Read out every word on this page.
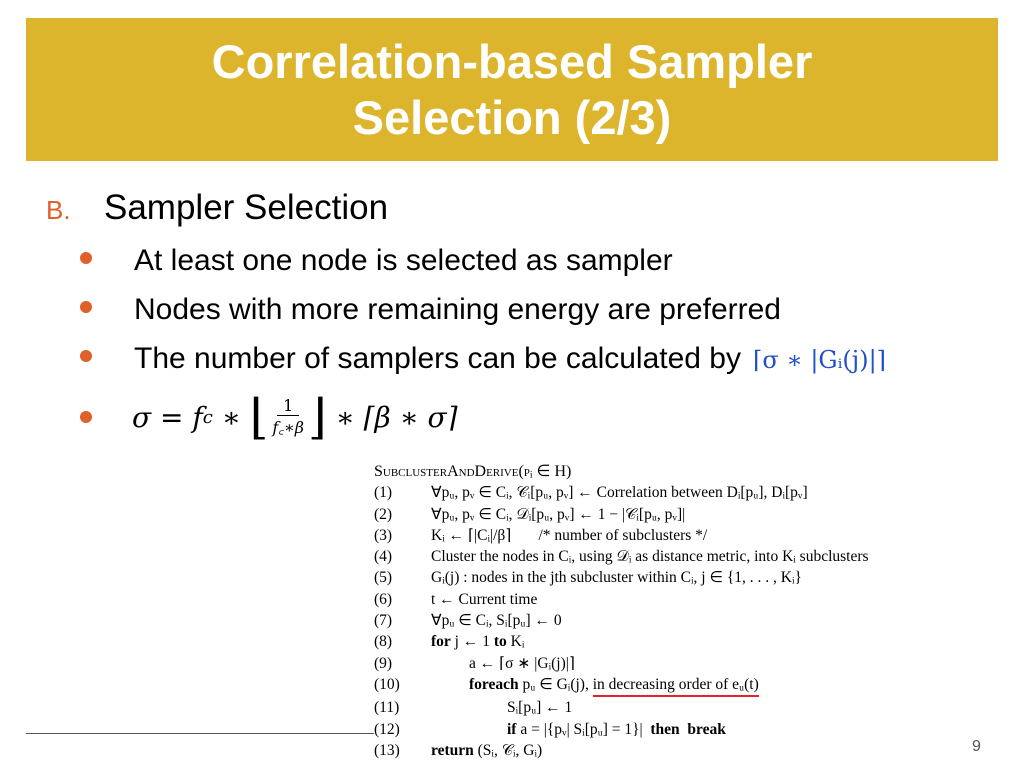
Correlation-based Sampler
Selection (2/3)
B. Sampler Selection
At least one node is selected as sampler
Nodes with more remaining energy are preferred
The number of samplers can be calculated by ⌈σ ∗ |Gᵢ(j)|⌉
σ = f c ∗ ⌊ $\frac{1}{f꜀∗\beta}$ ⌋ ∗ ⌈β ∗ σ⌉
SubclusterAndDerive(pᵢ ∈ H)
(1)	∀pᵤ, pᵥ ∈ Cᵢ, 𝒞ᵢ[pᵤ, pᵥ] ← Correlation between Dᵢ[pᵤ], Dᵢ[pᵥ]
(2)	∀pᵤ, pᵥ ∈ Cᵢ, 𝒟ᵢ[pᵤ, pᵥ] ← 1 − |𝒞ᵢ[pᵤ, pᵥ]|
(3)	Kᵢ ← ⌈|Cᵢ|/β⌉       /* number of subclusters */
(4)	Cluster the nodes in Cᵢ, using 𝒟ᵢ as distance metric, into Kᵢ subclusters
(5)	Gᵢ(j) : nodes in the jth subcluster within Cᵢ, j ∈ {1, . . . , Kᵢ}
(6)	t ← Current time
(7)	∀pᵤ ∈ Cᵢ, Sᵢ[pᵤ] ← 0
(8)	for j ← 1 to Kᵢ
(9)	a ← ⌈σ ∗ |Gᵢ(j)|⌉
(10)	foreach pᵤ ∈ Gᵢ(j), in decreasing order of eᵤ(t)
(11)	Sᵢ[pᵤ] ← 1
(12)	if a = |{pᵥ| Sᵢ[pᵤ] = 1}| then  break
(13)	return (Sᵢ, 𝒞ᵢ, Gᵢ)	9
